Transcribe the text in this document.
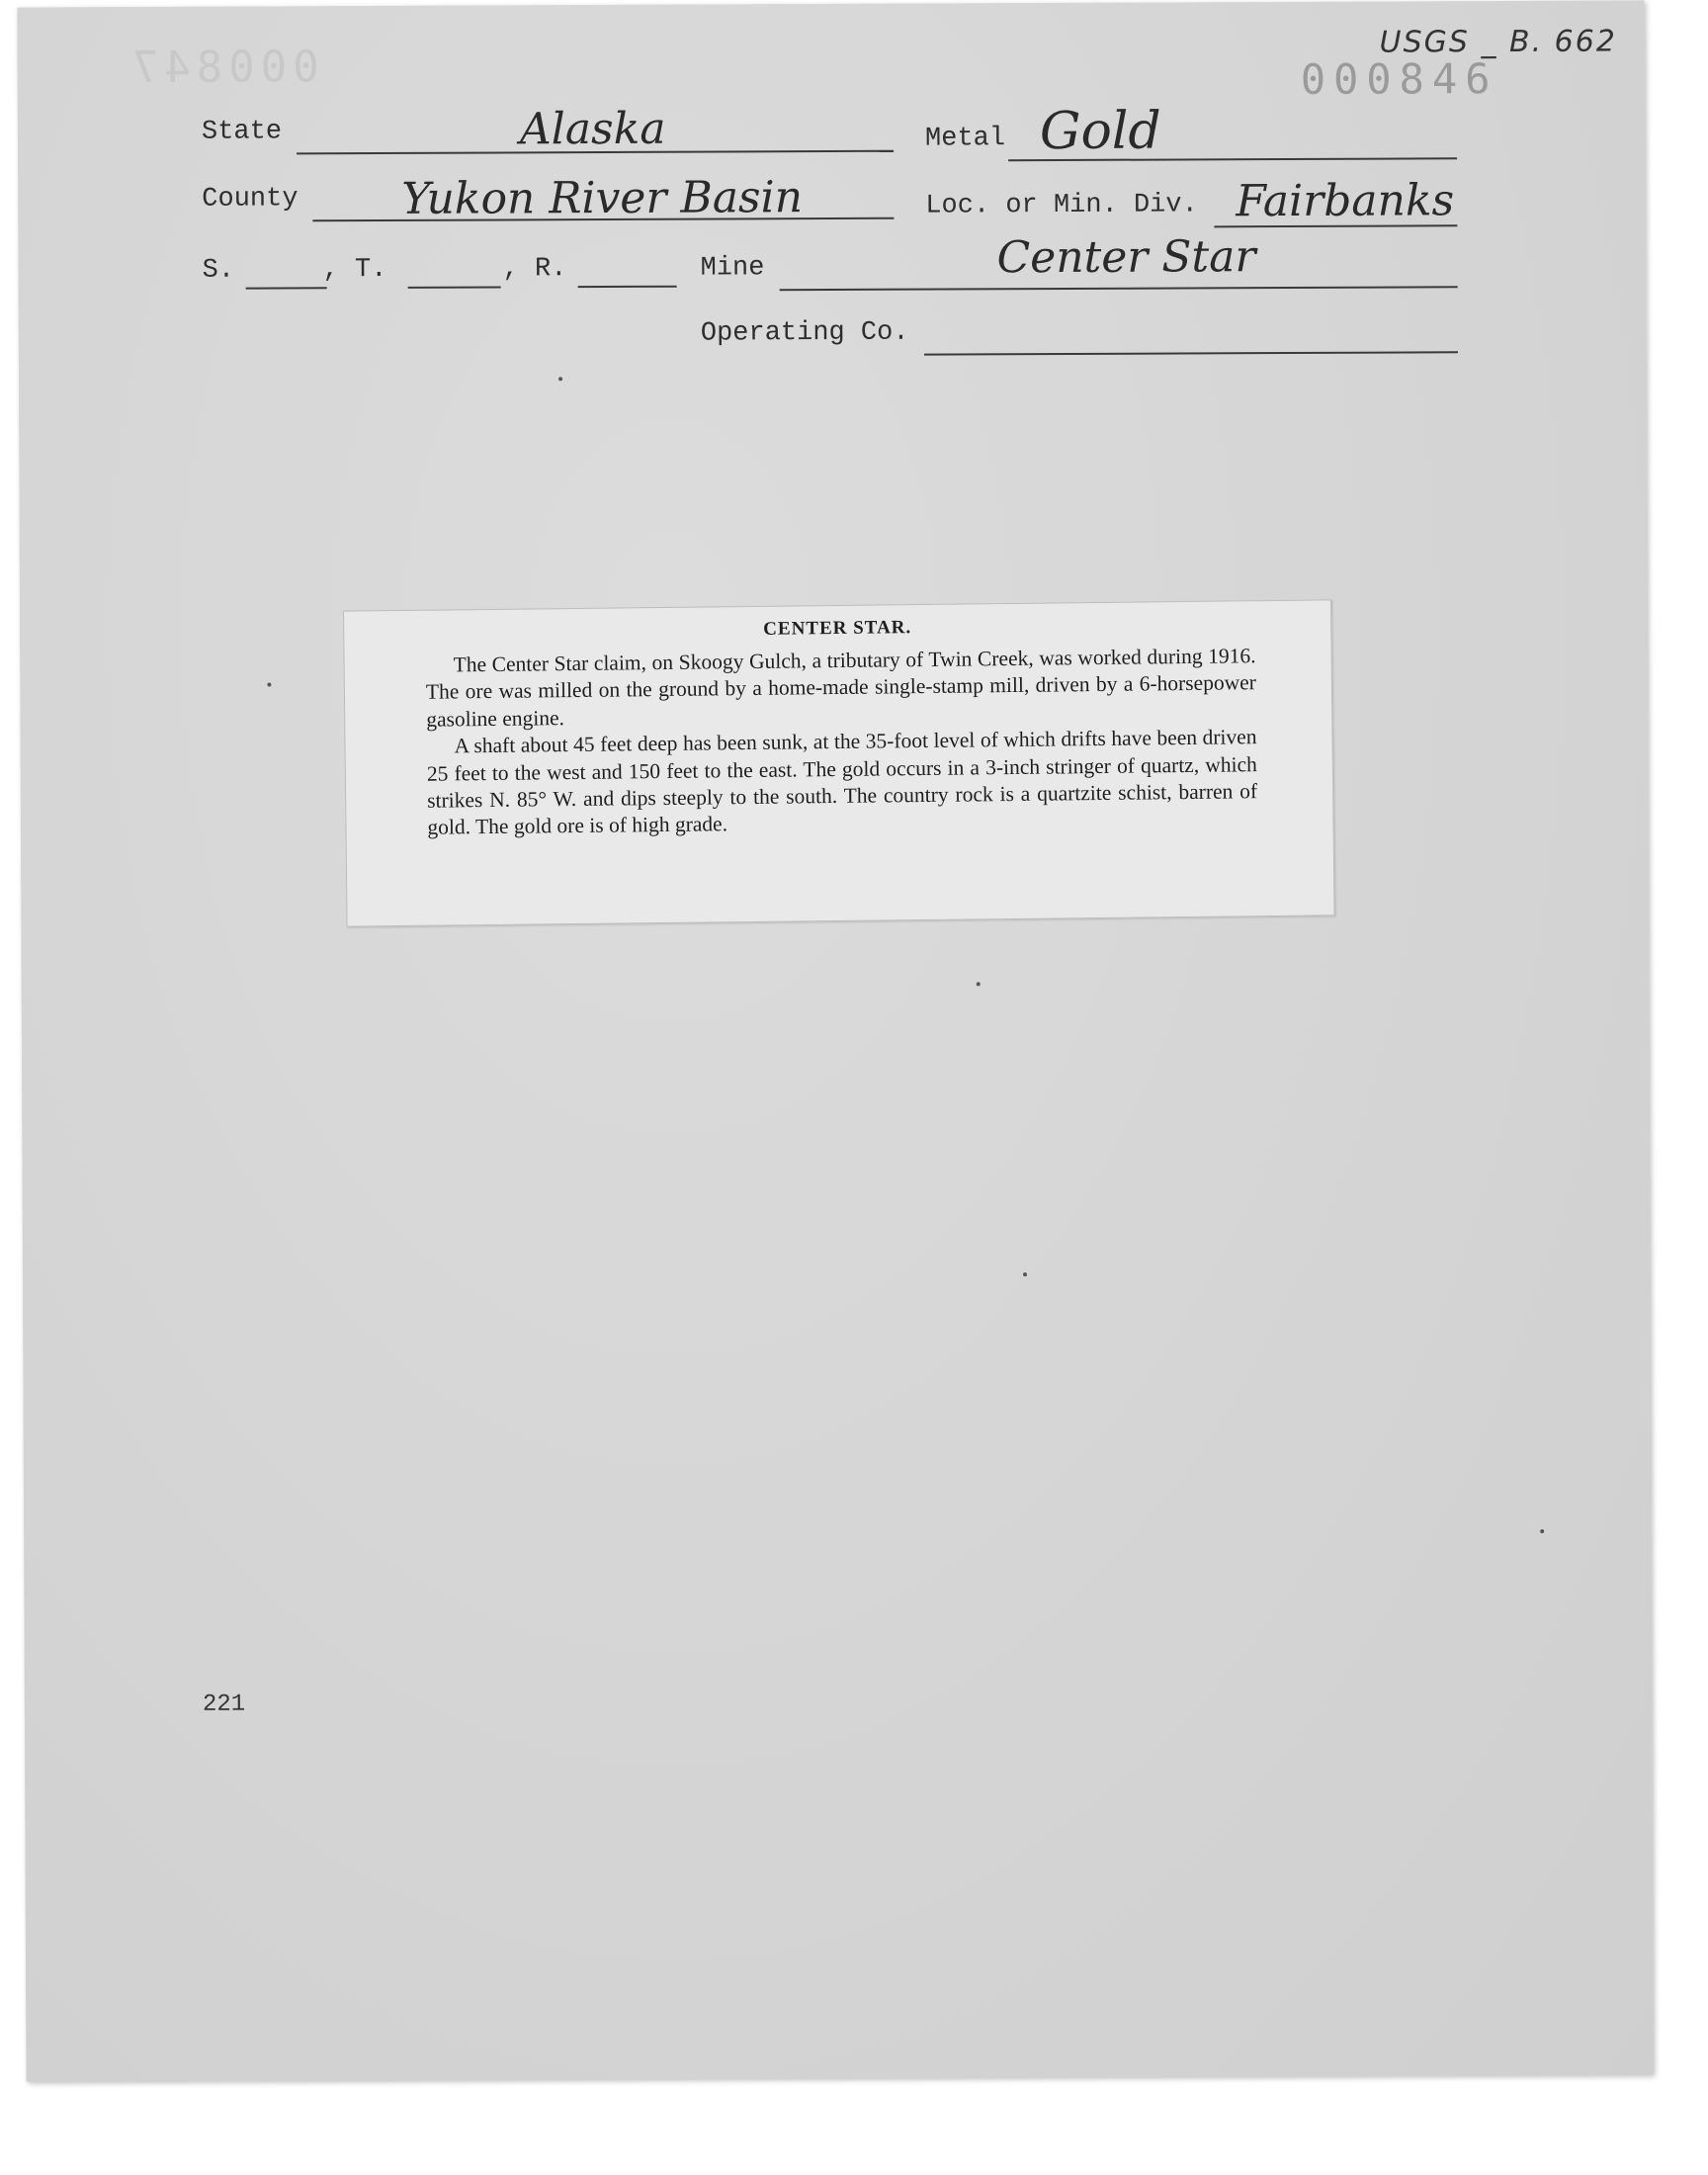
000847	000846
USGS _ B. 662
State	Alaska	Metal Gold
County Yukon River Basin	Loc. or Min. Div. Fairbanks
S.	, T.	, R.	Mine	Center Star
Operating Co.
CENTER STAR.

The Center Star claim, on Skoogy Gulch, a tributary of Twin Creek, was worked during 1916. The ore was milled on the ground by a home-made single-stamp mill, driven by a 6-horsepower gasoline engine.

A shaft about 45 feet deep has been sunk, at the 35-foot level of which drifts have been driven 25 feet to the west and 150 feet to the east. The gold occurs in a 3-inch stringer of quartz, which strikes N. 85° W. and dips steeply to the south. The country rock is a quartzite schist, barren of gold. The gold ore is of high grade.

221
